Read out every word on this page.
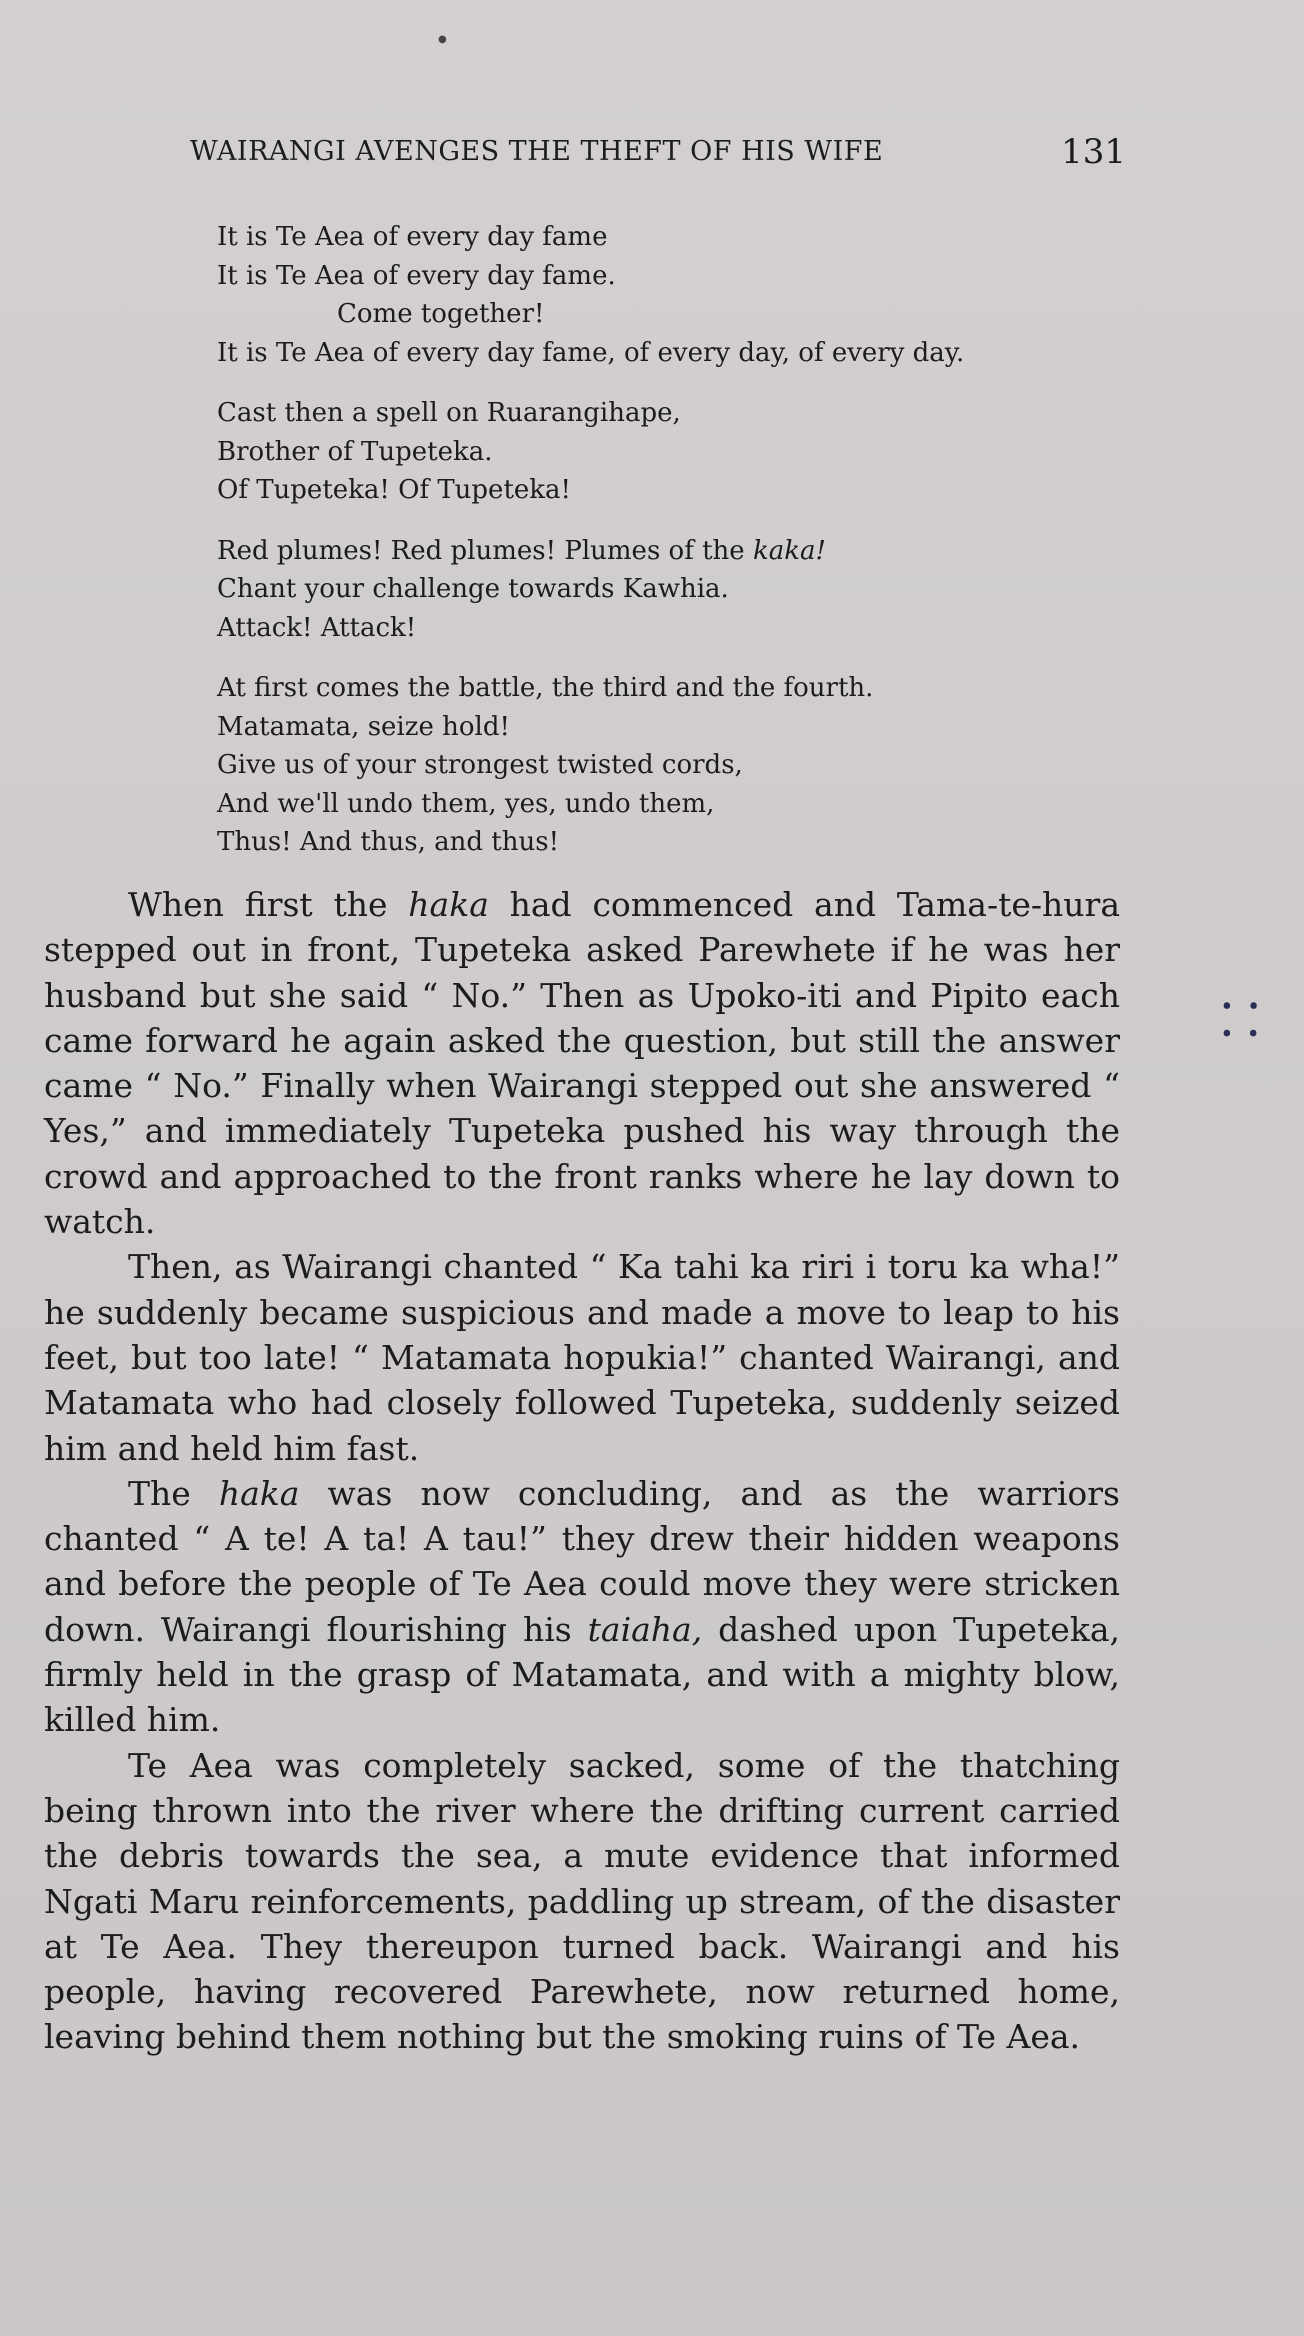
●
WAIRANGI AVENGES THE THEFT OF HIS WIFE	131
It is Te Aea of every day fame
It is Te Aea of every day fame.
Come together!
It is Te Aea of every day fame, of every day, of every day.
Cast then a spell on Ruarangihape,
Brother of Tupeteka.
Of Tupeteka! Of Tupeteka!
Red plumes! Red plumes! Plumes of the kaka!
Chant your challenge towards Kawhia.
Attack! Attack!
At first comes the battle, the third and the fourth.
Matamata, seize hold!
Give us of your strongest twisted cords,
And we'll undo them, yes, undo them,
Thus! And thus, and thus!

When first the haka had commenced and Tama-te-hura stepped out in front, Tupeteka asked Parewhete if he was her husband but she said “ No.” Then as Upoko-iti and Pipito each came forward he again asked the question, but still the answer came “ No.” Finally when Wairangi stepped out she answered “ Yes,” and immediately Tupeteka pushed his way through the crowd and approached to the front ranks where he lay down to watch.

Then, as Wairangi chanted “ Ka tahi ka riri i toru ka wha!” he suddenly became suspicious and made a move to leap to his feet, but too late! “ Matamata hopukia!” chanted Wairangi, and Matamata who had closely followed Tupeteka, suddenly seized him and held him fast.

The haka was now concluding, and as the warriors chanted “ A te! A ta! A tau!” they drew their hidden weapons and before the people of Te Aea could move they were stricken down. Wairangi flourishing his taiaha, dashed upon Tupeteka, firmly held in the grasp of Matamata, and with a mighty blow, killed him.

Te Aea was completely sacked, some of the thatching being thrown into the river where the drifting current carried the debris towards the sea, a mute evidence that informed Ngati Maru reinforcements, paddling up stream, of the disaster at Te Aea. They thereupon turned back. Wairangi and his people, having recovered Parewhete, now returned home, leaving behind them nothing but the smoking ruins of Te Aea.

⸬
